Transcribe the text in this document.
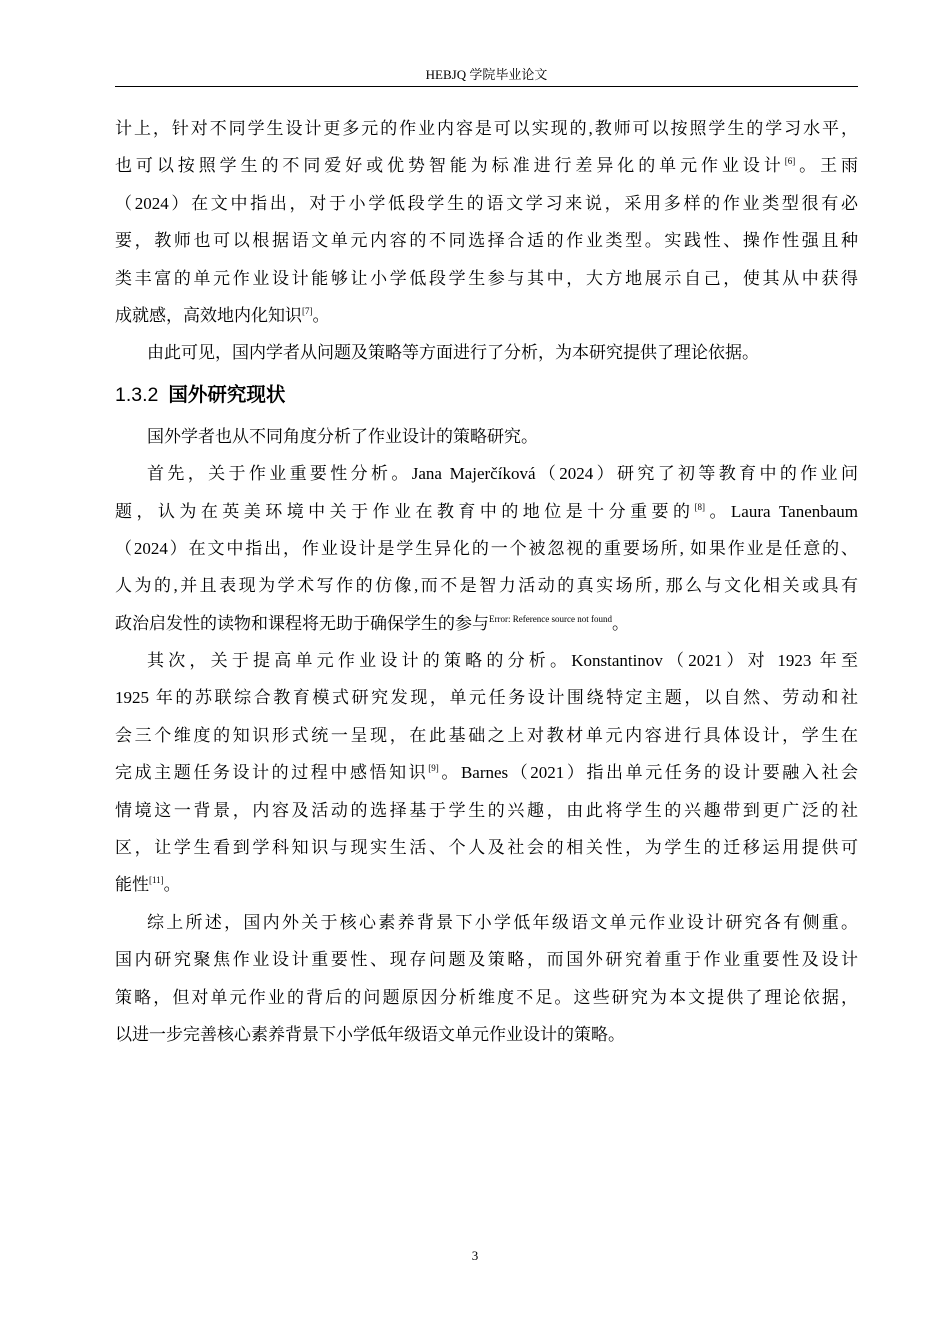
HEBJQ 学院毕业论文
计上，针对不同学生设计更多元的作业内容是可以实现的,教师可以按照学生的学习水平，
也可以按照学生的不同爱好或优势智能为标准进行差异化的单元作业设计[6]。王雨
（2024）在文中指出，对于小学低段学生的语文学习来说，采用多样的作业类型很有必
要，教师也可以根据语文单元内容的不同选择合适的作业类型。实践性、操作性强且种
类丰富的单元作业设计能够让小学低段学生参与其中，大方地展示自己，使其从中获得
成就感，高效地内化知识[7]。
由此可见，国内学者从问题及策略等方面进行了分析，为本研究提供了理论依据。
1.3.2 国外研究现状
国外学者也从不同角度分析了作业设计的策略研究。
首先，关于作业重要性分析。Jana Majerčíková（2024）研究了初等教育中的作业问
题，认为在英美环境中关于作业在教育中的地位是十分重要的[8]。Laura Tanenbaum
（2024）在文中指出，作业设计是学生异化的一个被忽视的重要场所, 如果作业是任意的、
人为的,并且表现为学术写作的仿像,而不是智力活动的真实场所, 那么与文化相关或具有
政治启发性的读物和课程将无助于确保学生的参与$^{Error: Reference source not found}$。
其次，关于提高单元作业设计的策略的分析。Konstantinov（2021）对 1923 年至
1925 年的苏联综合教育模式研究发现，单元任务设计围绕特定主题，以自然、劳动和社
会三个维度的知识形式统一呈现，在此基础之上对教材单元内容进行具体设计，学生在
完成主题任务设计的过程中感悟知识[9]。Barnes（2021）指出单元任务的设计要融入社会
情境这一背景，内容及活动的选择基于学生的兴趣，由此将学生的兴趣带到更广泛的社
区，让学生看到学科知识与现实生活、个人及社会的相关性，为学生的迁移运用提供可
能性[11]。
综上所述，国内外关于核心素养背景下小学低年级语文单元作业设计研究各有侧重。
国内研究聚焦作业设计重要性、现存问题及策略，而国外研究着重于作业重要性及设计
策略，但对单元作业的背后的问题原因分析维度不足。这些研究为本文提供了理论依据，
以进一步完善核心素养背景下小学低年级语文单元作业设计的策略。
3
